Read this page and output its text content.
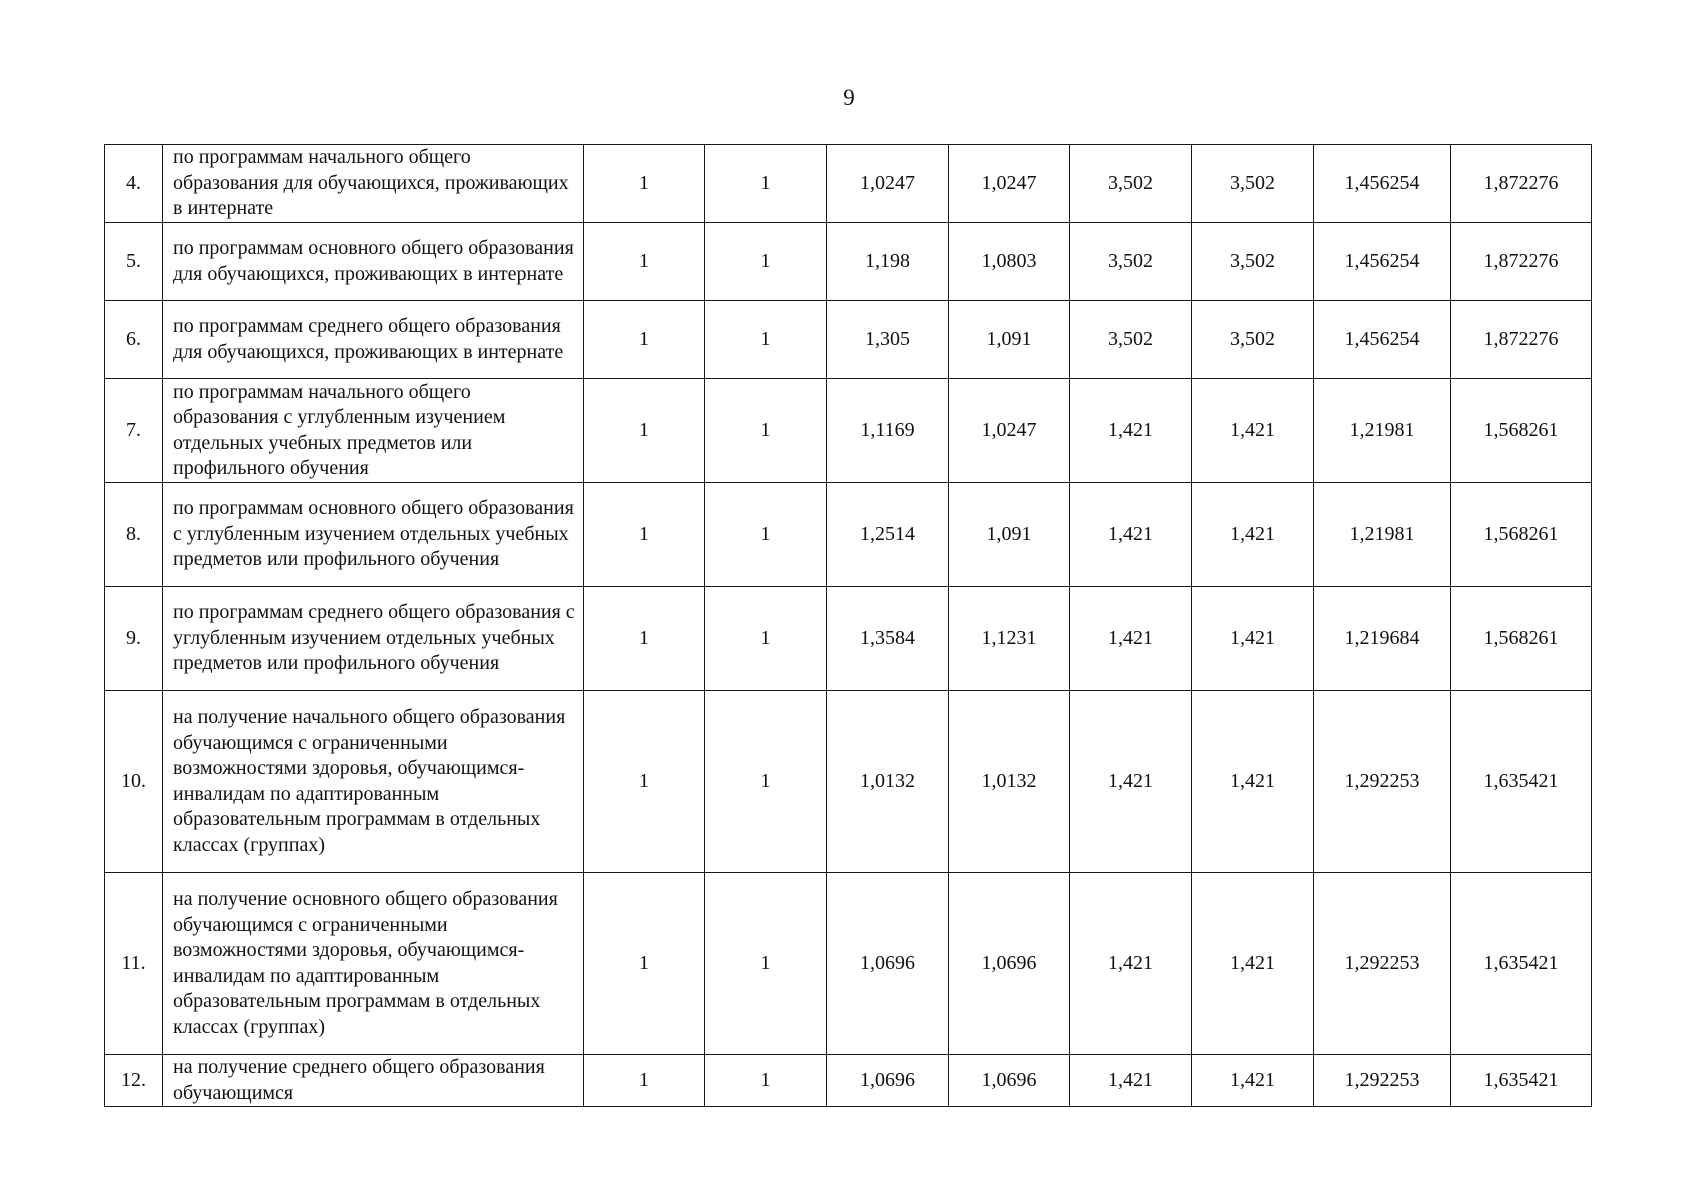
9
4.	по программам начального общего образования для обучающихся, проживающих в интернате	1	1	1,0247	1,0247	3,502	3,502	1,456254	1,872276
5.	по программам основного общего образования для обучающихся, проживающих в интернате	1	1	1,198	1,0803	3,502	3,502	1,456254	1,872276
6.	по программам среднего общего образования для обучающихся, проживающих в интернате	1	1	1,305	1,091	3,502	3,502	1,456254	1,872276
7.	по программам начального общего образования с углубленным изучением отдельных учебных предметов или профильного обучения	1	1	1,1169	1,0247	1,421	1,421	1,21981	1,568261
8.	по программам основного общего образования с углубленным изучением отдельных учебных предметов или профильного обучения	1	1	1,2514	1,091	1,421	1,421	1,21981	1,568261
9.	по программам среднего общего образования с углубленным изучением отдельных учебных предметов или профильного обучения	1	1	1,3584	1,1231	1,421	1,421	1,219684	1,568261
10.	на получение начального общего образования обучающимся с ограниченными возможностями здоровья, обучающимся-инвалидам по адаптированным образовательным программам в отдельных классах (группах)	1	1	1,0132	1,0132	1,421	1,421	1,292253	1,635421
11.	на получение основного общего образования обучающимся с ограниченными возможностями здоровья, обучающимся-инвалидам по адаптированным образовательным программам в отдельных классах (группах)	1	1	1,0696	1,0696	1,421	1,421	1,292253	1,635421
12.	на получение среднего общего образования обучающимся	1	1	1,0696	1,0696	1,421	1,421	1,292253	1,635421
